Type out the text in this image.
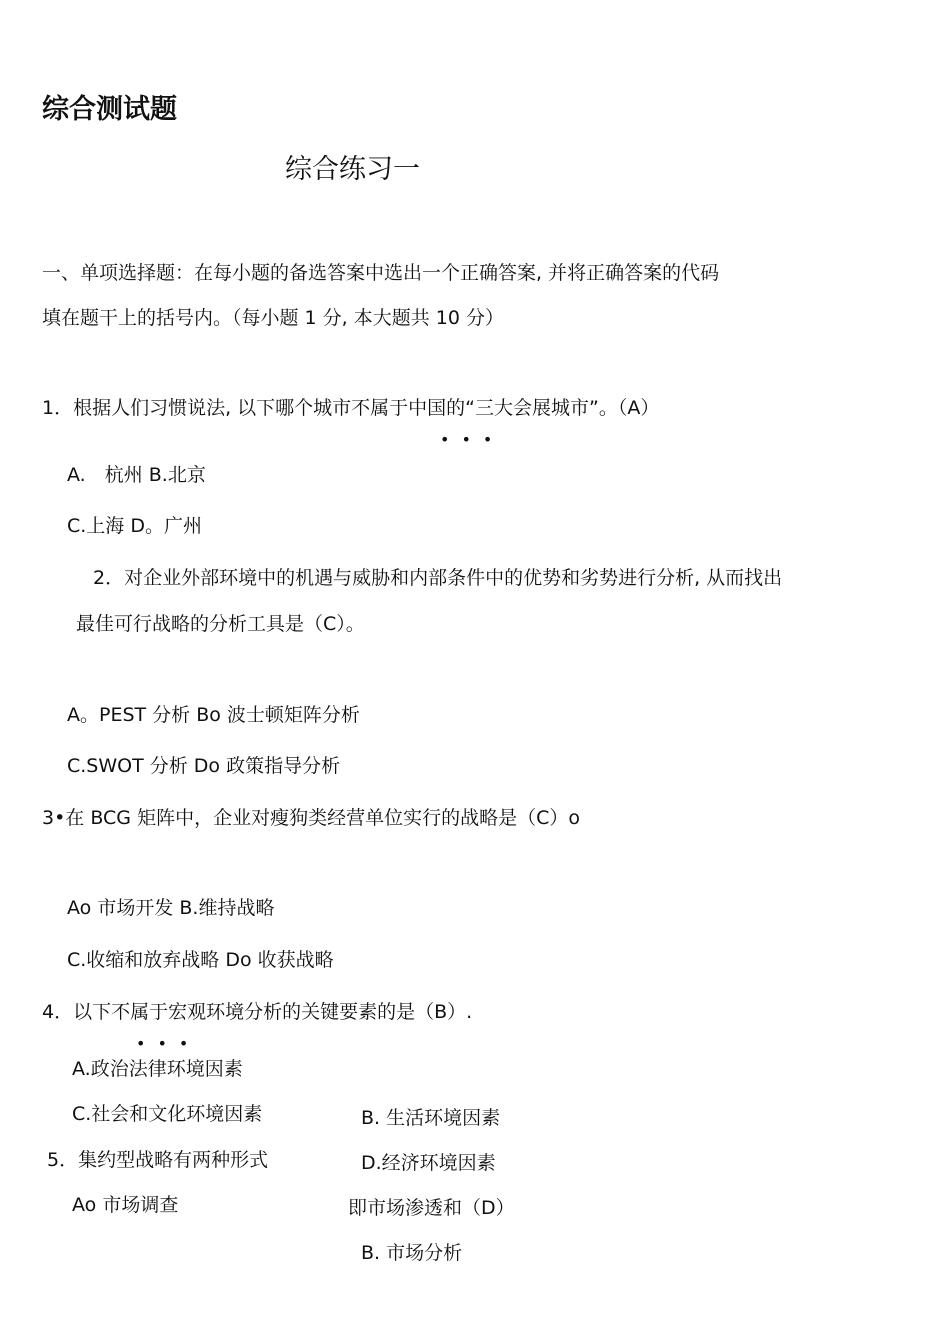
综合测试题
综合练习一
一、单项选择题：在每小题的备选答案中选出一个正确答案, 并将正确答案的代码
填在题干上的括号内。（每小题 1 分, 本大题共 10 分）
1．根据人们习惯说法, 以下哪个城市不属于中国的“三大会展城市”。（A）
•••
A.　杭州 B.北京
C.上海 D。广州
2．对企业外部环境中的机遇与威胁和内部条件中的优势和劣势进行分析, 从而找出
最佳可行战略的分析工具是（C）。
A。PEST 分析 Bo 波士顿矩阵分析
C.SWOT 分析 Do 政策指导分析
3•在 BCG 矩阵中，企业对瘦狗类经营单位实行的战略是（C）o
Ao 市场开发 B.维持战略
C.收缩和放弃战略 Do 收获战略
4．以下不属于宏观环境分析的关键要素的是（B）.
•••
A.政治法律环境因素
C.社会和文化环境因素	B. 生活环境因素
D.经济环境因素
5．集约型战略有两种形式
Ao 市场调查	即市场渗透和（D）
B. 市场分析
